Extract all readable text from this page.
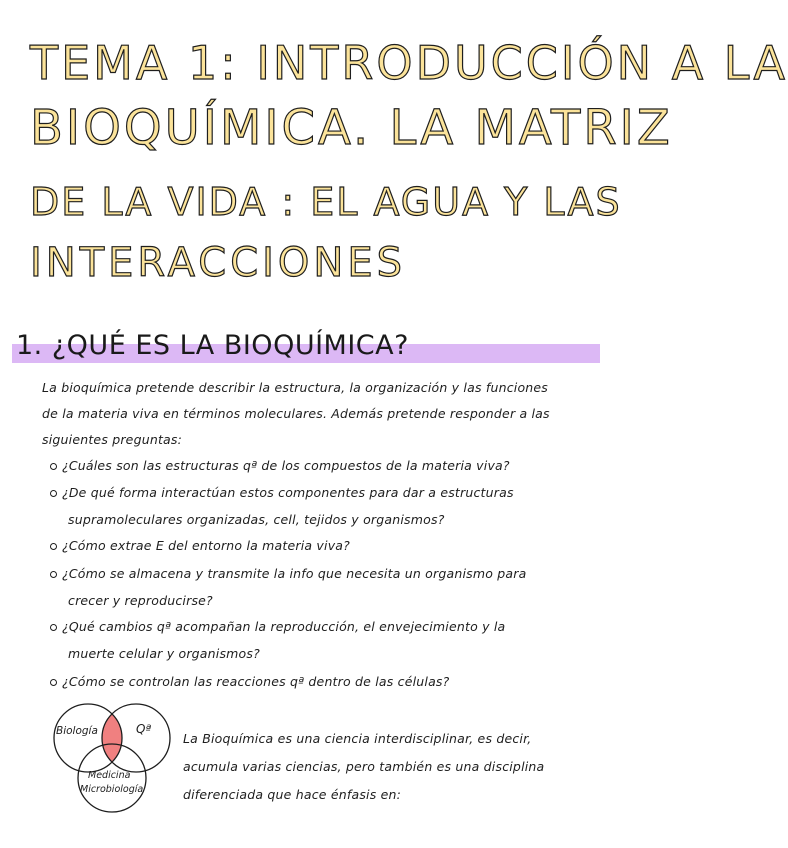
TEMA 1: INTRODUCCIÓN A LA
BIOQUÍMICA. LA MATRIZ
DE LA VIDA : EL AGUA Y LAS
INTERACCIONES
1. ¿QUÉ ES LA BIOQUÍMICA?
La bioquímica pretende describir la estructura, la organización y las funciones
de la materia viva en términos moleculares. Además pretende responder a las
siguientes preguntas:
¿Cuáles son las estructuras qª de los compuestos de la materia viva?
¿De qué forma interactúan estos componentes para dar a estructuras
supramoleculares organizadas, cell, tejidos y organismos?
¿Cómo extrae E del entorno la materia viva?
¿Cómo se almacena y transmite la info que necesita un organismo para
crecer y reproducirse?
¿Qué cambios qª acompañan la reproducción, el envejecimiento y la
muerte celular y organismos?
¿Cómo se controlan las reacciones qª dentro de las células?
Biología	Qª
Medicina
Microbiología
La Bioquímica es una ciencia interdisciplinar, es decir,
acumula varias ciencias, pero también es una disciplina
diferenciada que hace énfasis en:
